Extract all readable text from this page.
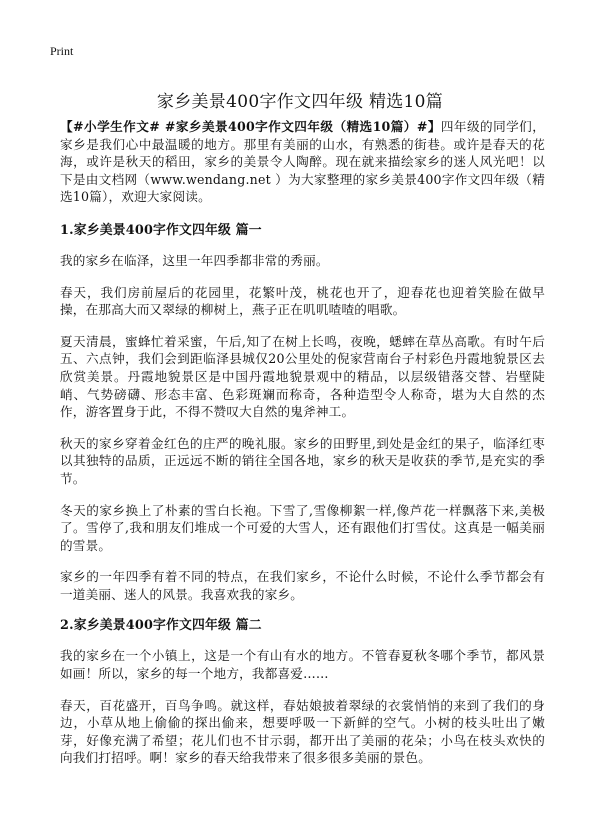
Print
家乡美景400字作文四年级 精选10篇

【#小学生作文# #家乡美景400字作文四年级（精选10篇）#】四年级的同学们，家乡是我们心中最温暖的地方。那里有美丽的山水，有熟悉的街巷。或许是春天的花海，或许是秋天的稻田，家乡的美景令人陶醉。现在就来描绘家乡的迷人风光吧！以下是由文档网（www.wendang.net ）为大家整理的家乡美景400字作文四年级（精选10篇），欢迎大家阅读。

1.家乡美景400字作文四年级 篇一

我的家乡在临泽，这里一年四季都非常的秀丽。

春天，我们房前屋后的花园里，花繁叶茂，桃花也开了，迎春花也迎着笑脸在做早操，在那高大而又翠绿的柳树上，燕子正在叽叽喳喳的唱歌。

夏天清晨，蜜蜂忙着采蜜，午后,知了在树上长鸣，夜晚，蟋蟀在草丛高歌。有时午后五、六点钟，我们会到距临泽县城仅20公里处的倪家营南台子村彩色丹霞地貌景区去欣赏美景。丹霞地貌景区是中国丹霞地貌景观中的精品，以层级错落交替、岩壁陡峭、气势磅礴、形态丰富、色彩斑斓而称奇，各种造型令人称奇，堪为大自然的杰作，游客置身于此，不得不赞叹大自然的鬼斧神工。

秋天的家乡穿着金红色的庄严的晚礼服。家乡的田野里,到处是金红的果子，临泽红枣以其独特的品质，正远远不断的销往全国各地，家乡的秋天是收获的季节,是充实的季节。

冬天的家乡换上了朴素的雪白长袍。下雪了,雪像柳絮一样,像芦花一样飘落下来,美极了。雪停了,我和朋友们堆成一个可爱的大雪人，还有跟他们打雪仗。这真是一幅美丽的雪景。

家乡的一年四季有着不同的特点，在我们家乡，不论什么时候，不论什么季节都会有一道美丽、迷人的风景。我喜欢我的家乡。

2.家乡美景400字作文四年级 篇二

我的家乡在一个小镇上，这是一个有山有水的地方。不管春夏秋冬哪个季节，都风景如画！所以，家乡的每一个地方，我都喜爱……

春天，百花盛开，百鸟争鸣。就这样，春姑娘披着翠绿的衣裳悄悄的来到了我们的身边，小草从地上偷偷的探出偷来，想要呼吸一下新鲜的空气。小树的枝头吐出了嫩芽，好像充满了希望；花儿们也不甘示弱，都开出了美丽的花朵；小鸟在枝头欢快的向我们打招呼。啊！家乡的春天给我带来了很多很多美丽的景色。
